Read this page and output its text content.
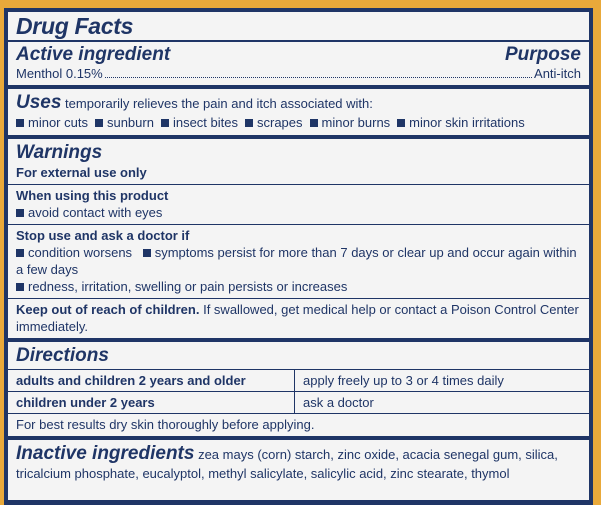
Drug Facts
Active ingredient	Purpose
Menthol 0.15%	Anti-itch
Uses temporarily relieves the pain and itch associated with:
minor cuts sunburn insect bites scrapes minor burns minor skin irritations
Warnings
For external use only
When using this product
avoid contact with eyes
Stop use and ask a doctor if
condition worsens symptoms persist for more than 7 days or clear up and occur again within a few days
redness, irritation, swelling or pain persists or increases
Keep out of reach of children. If swallowed, get medical help or contact a Poison Control Center immediately.
Directions
adults and children 2 years and older	apply freely up to 3 or 4 times daily
children under 2 years	ask a doctor
For best results dry skin thoroughly before applying.
Inactive ingredients zea mays (corn) starch, zinc oxide, acacia senegal gum, silica, tricalcium phosphate, eucalyptol, methyl salicylate, salicylic acid, zinc stearate, thymol
